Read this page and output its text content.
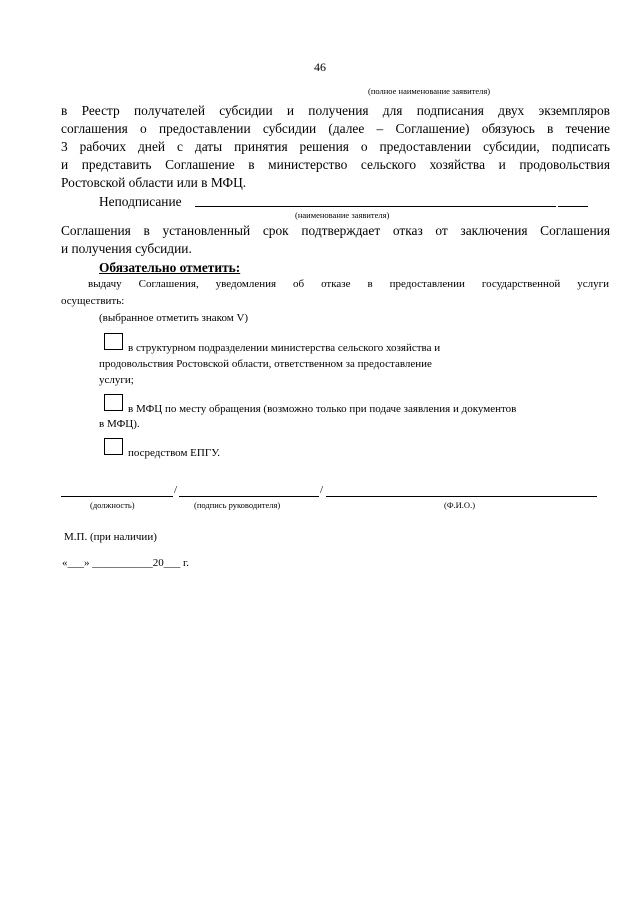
46
(полное наименование заявителя)
в Реестр получателей субсидии и получения для подписания двух экземпляров
соглашения о предоставлении субсидии (далее – Соглашение) обязуюсь в течение
3 рабочих дней с даты принятия решения о предоставлении субсидии, подписать
и представить Соглашение в министерство сельского хозяйства и продовольствия
Ростовской области или в МФЦ.
Неподписание
(наименование заявителя)
Соглашения в установленный срок подтверждает отказ от заключения Соглашения
и получения субсидии.
Обязательно отметить:
выдачу Соглашения, уведомления об отказе в предоставлении государственной услуги
осуществить:
(выбранное отметить знаком V)
в структурном подразделении министерства сельского хозяйства и
продовольствия Ростовской области, ответственном за предоставление
услуги;
в МФЦ по месту обращения (возможно только при подаче заявления и документов
в МФЦ).
посредством ЕПГУ.
/	/
(должность)	(подпись руководителя)	(Ф.И.О.)
М.П. (при наличии)
«___» ___________20___ г.
